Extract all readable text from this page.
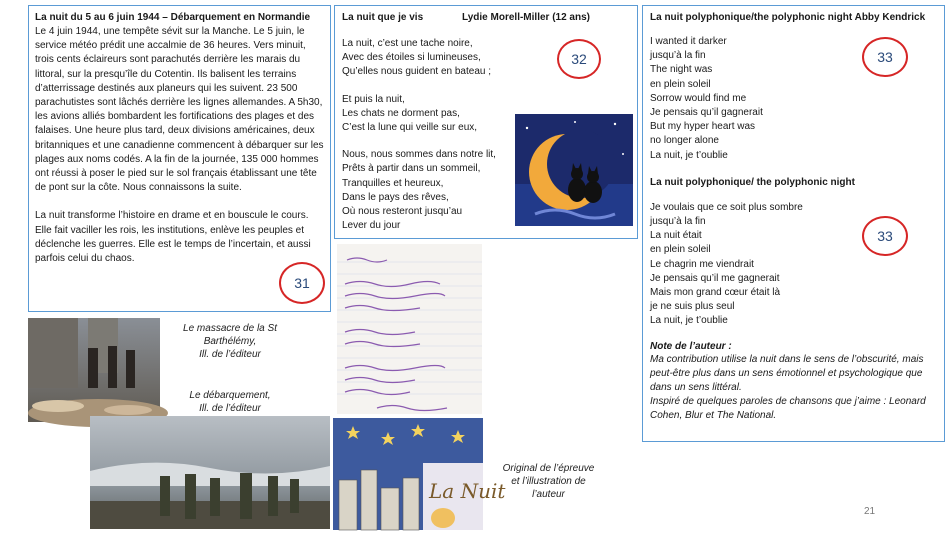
La nuit du 5 au 6 juin 1944 – Débarquement en Normandie

Le 4 juin 1944, une tempête sévit sur la Manche. Le 5 juin, le service météo prédit une accalmie de 36 heures. Vers minuit, trois cents éclaireurs sont parachutés derrière les marais du littoral, sur la presqu’île du Cotentin. Ils balisent les terrains d’atterrissage destinés aux planeurs qui les suivent. 23 500 parachutistes sont lâchés derrière les lignes allemandes. A 5h30, les avions alliés bombardent les fortifications des plages et des falaises. Une heure plus tard, deux divisions américaines, deux britanniques et une canadienne commencent à débarquer sur les plages aux noms codés. A la fin de la journée, 135 000 hommes ont réussi à poser le pied sur le sol français établissant une tête de pont sur la côte. Nous connaissons la suite.

La nuit transforme l’histoire en drame et en bouscule le cours. Elle fait vaciller les rois, les institutions, enlève les peuples et déclenche les guerres. Elle est le temps de l’incertain, et aussi parfois celui du chaos.

31
La nuit que je vis	Lydie Morell-Miller (12 ans)

La nuit, c’est une tache noire,
Avec des étoiles si lumineuses,
Qu’elles nous guident en bateau ;

Et puis la nuit,
Les chats ne dorment pas,
C’est la lune qui veille sur eux,

Nous, nous sommes dans notre lit,
Prêts à partir dans un sommeil,
Tranquilles et heureux,
Dans le pays des rêves,
Où nous resteront jusqu’au
Lever du jour

32
La nuit polyphonique/the polyphonic night Abby Kendrick

I wanted it darker
jusqu’à la fin
The night was
en plein soleil
Sorrow would find me
Je pensais qu’il gagnerait
But my hyper heart was
no longer alone
La nuit, je t’oublie

La nuit polyphonique/ the polyphonic night

Je voulais que ce soit plus sombre
jusqu’à la fin
La nuit était
en plein soleil
Le chagrin me viendrait
Je pensais qu’il me gagnerait
Mais mon grand cœur était là
je ne suis plus seul
La nuit, je t’oublie

Note de l’auteur :

Ma contribution utilise la nuit dans le sens de l’obscurité, mais peut-être plus dans un sens émotionnel et psychologique que dans un sens littéral.
Inspiré de quelques paroles de chansons que j’aime : Leonard Cohen, Blur et The National.

33
33
Le massacre de la St Barthélémy,
Ill. de l’éditeur
Le débarquement,
Ill. de l’éditeur
La Nuit
Original de l’épreuve
et l’illustration de
l’auteur
21
